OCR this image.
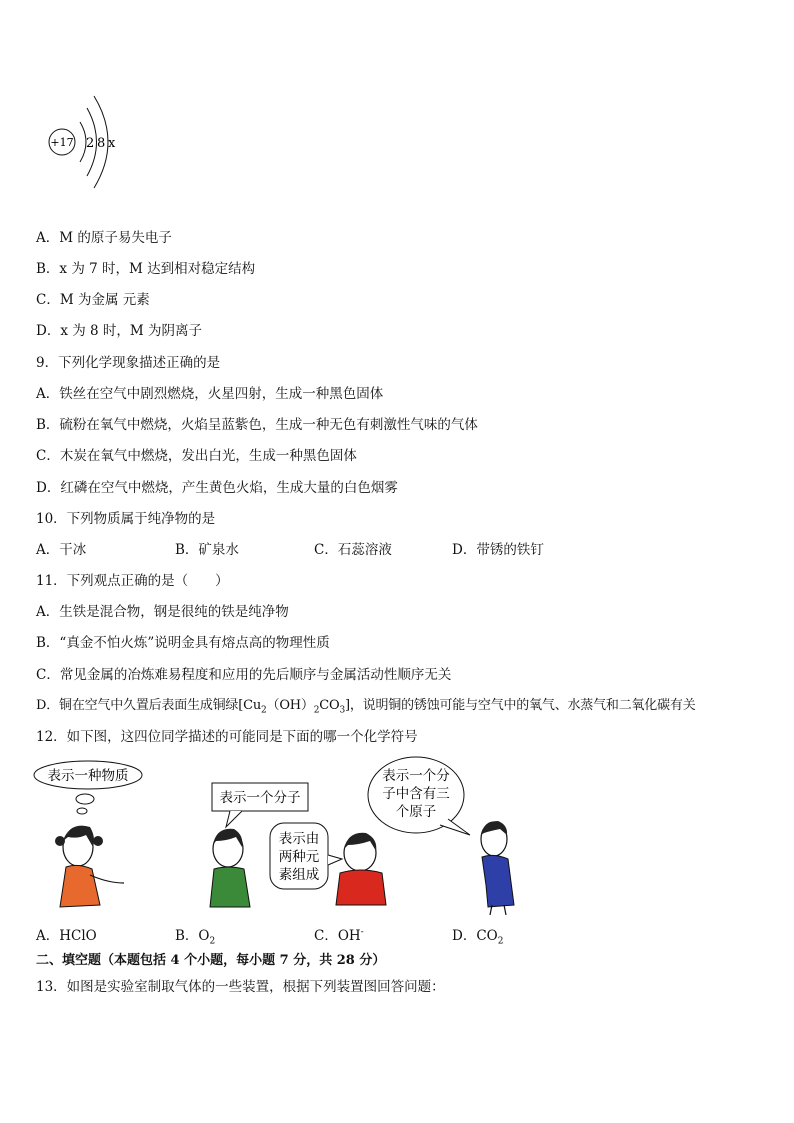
+17 2 8 x
A．M 的原子易失电子
B．x 为 7 时，M 达到相对稳定结构
C．M 为金属 元素
D．x 为 8 时，M 为阴离子
9．下列化学现象描述正确的是
A．铁丝在空气中剧烈燃烧，火星四射，生成一种黑色固体
B．硫粉在氧气中燃烧，火焰呈蓝紫色，生成一种无色有刺激性气味的气体
C．木炭在氧气中燃烧，发出白光，生成一种黑色固体
D．红磷在空气中燃烧，产生黄色火焰，生成大量的白色烟雾
10．下列物质属于纯净物的是
A．干冰	B．矿泉水	C．石蕊溶液	D．带锈的铁钉
11．下列观点正确的是（　　）
A．生铁是混合物，钢是很纯的铁是纯净物
B．“真金不怕火炼”说明金具有熔点高的物理性质
C．常见金属的冶炼难易程度和应用的先后顺序与金属活动性顺序无关
D．铜在空气中久置后表面生成铜绿$[Cu_2(OH)_2CO_3]$，说明铜的锈蚀可能与空气中的氧气、水蒸气和二氧化碳有关
12．如下图，这四位同学描述的可能同是下面的哪一个化学符号
表示一种物质
表示一个分子
表示由
两种元
素组成
表示一个分
子中含有三
个原子
A．HClO	B．$O_2$	C．OH-	D．$CO_2$
二、填空题（本题包括 4 个小题，每小题 7 分，共 28 分）
13．如图是实验室制取气体的一些装置，根据下列装置图回答问题：
